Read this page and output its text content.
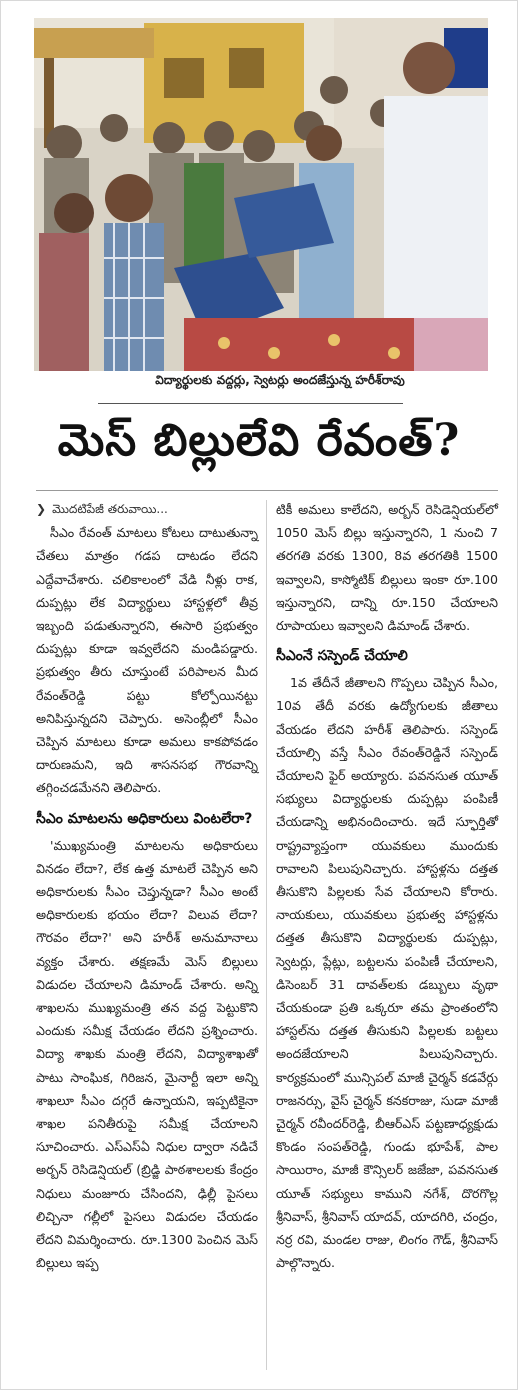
విద్యార్థులకు వద్దర్లు, స్వెటర్లు అందజేస్తున్న హరీశ్‌రావు
మెస్ బిల్లులేవి రేవంత్?
❯ మొదటిపేజీ తరువాయి...

సీఎం రేవంత్ మాటలు కోటలు దాటుతున్నా చేతలు మాత్రం గడప దాటడం లేదని ఎద్దేవాచేశారు. చలికాలంలో వేడి నీళ్లు రాక, దుప్పట్లు లేక విద్యార్థులు హాస్టళ్లలో తీవ్ర ఇబ్బంది పడుతున్నారని, ఈసారి ప్రభుత్వం దుప్పట్లు కూడా ఇవ్వలేదని మండిపడ్డారు. ప్రభుత్వం తీరు చూస్తుంటే పరిపాలన మీద రేవంత్‌రెడ్డి పట్టు కోల్పోయినట్టు అనిపిస్తున్నదని చెప్పారు. అసెంబ్లీలో సీఎం చెప్పిన మాటలు కూడా అమలు కాకపోవడం దారుణమని, ఇది శాసనసభ గౌరవాన్ని తగ్గించడమేనని తెలిపారు.

సీఎం మాటలను అధికారులు వింటలేరా?

'ముఖ్యమంత్రి మాటలను అధికారులు వినడం లేదా?, లేక ఉత్త మాటలే చెప్పిన అని అధికారులకు సీఎం చెప్తున్నడా? సీఎం అంటే అధికారులకు భయం లేదా? విలువ లేదా? గౌరవం లేదా?' అని హరీశ్ అనుమానాలు వ్యక్తం చేశారు. తక్షణమే మెస్ బిల్లులు విడుదల చేయాలని డిమాండ్ చేశారు. అన్ని శాఖలను ముఖ్యమంత్రి తన వద్ద పెట్టుకొని ఎందుకు సమీక్ష చేయడం లేదని ప్రశ్నించారు. విద్యా శాఖకు మంత్రి లేదని, విద్యాశాఖతో పాటు సాంఘిక, గిరిజన, మైనార్టీ ఇలా అన్ని శాఖలూ సీఎం దగ్గరే ఉన్నాయని, ఇప్పటికైనా శాఖల పనితీరుపై సమీక్ష చేయాలని సూచించారు. ఎస్‌ఎస్‌ఏ నిధుల ద్వారా నడిచే అర్బన్ రెసిడెన్షియల్ (బ్రిడ్జి పాఠశాలలకు కేంద్రం నిధులు మంజూరు చేసిందని, ఢిల్లీ పైసలు లిచ్చినా గల్లీలో పైసలు విడుదల చేయడం లేదని విమర్శించారు. రూ.1300 పెంచిన మెస్ బిల్లులు ఇప్ప

టికీ అమలు కాలేదని, అర్బన్ రెసిడెన్షియల్‌లో 1050 మెస్ బిల్లు ఇస్తున్నారని, 1 నుంచి 7 తరగతి వరకు 1300, 8వ తరగతికి 1500 ఇవ్వాలని, కాస్మోటిక్ బిల్లులు ఇంకా రూ.100 ఇస్తున్నారని, దాన్ని రూ.150 చేయాలని రూపాయలు ఇవ్వాలని డిమాండ్ చేశారు.

సీఎంనే సస్పెండ్ చేయాలి

1వ తేదీనే జీతాలని గొప్పలు చెప్పిన సీఎం, 10వ తేదీ వరకు ఉద్యోగులకు జీతాలు వేయడం లేదని హరీశ్ తెలిపారు. సస్పెండ్ చేయాల్సి వస్తే సీఎం రేవంత్‌రెడ్డినే సస్పెండ్ చేయాలని ఫైర్ అయ్యారు. పవనసుత యూత్ సభ్యులు విద్యార్థులకు దుప్పట్లు పంపిణీ చేయడాన్ని అభినందించారు. ఇదే స్ఫూర్తితో రాష్ట్రవ్యాప్తంగా యువకులు ముందుకు రావాలని పిలుపునిచ్చారు. హాస్టళ్లను దత్తత తీసుకొని పిల్లలకు సేవ చేయాలని కోరారు. నాయకులు, యువకులు ప్రభుత్వ హాస్టళ్లను దత్తత తీసుకొని విద్యార్థులకు దుప్పట్లు, స్వెటర్లు, ప్లేట్లు, బట్టలను పంపిణీ చేయాలని, డిసెంబర్ 31 దావత్‌లకు డబ్బులు వృథా చేయకుండా ప్రతి ఒక్కరూ తమ ప్రాంతంలోని హాస్టల్‌ను దత్తత తీసుకుని పిల్లలకు బట్టలు అందజేయాలని పిలుపునిచ్చారు. కార్యక్రమంలో మున్సిపల్ మాజీ చైర్మన్ కడవేర్గు రాజనర్సు, వైస్ చైర్మన్ కనకరాజు, సుడా మాజీ చైర్మన్ రవీందర్‌రెడ్డి, బీఆర్‌ఎస్ పట్టణాధ్యక్షుడు కొండం సంపత్‌రెడ్డి, గుండు భూపేశ్, పాల సాయిరాం, మాజీ కౌన్సిలర్ జజేజా, పవనసుత యూత్ సభ్యులు కాముని నగేశ్, దొరగొల్ల శ్రీనివాస్, శ్రీనివాస్ యాదవ్, యాదగిరి, చంద్రం, నర్ర రవి, మండల రాజు, లింగం గౌడ్, శ్రీనివాస్ పాల్గొన్నారు.
